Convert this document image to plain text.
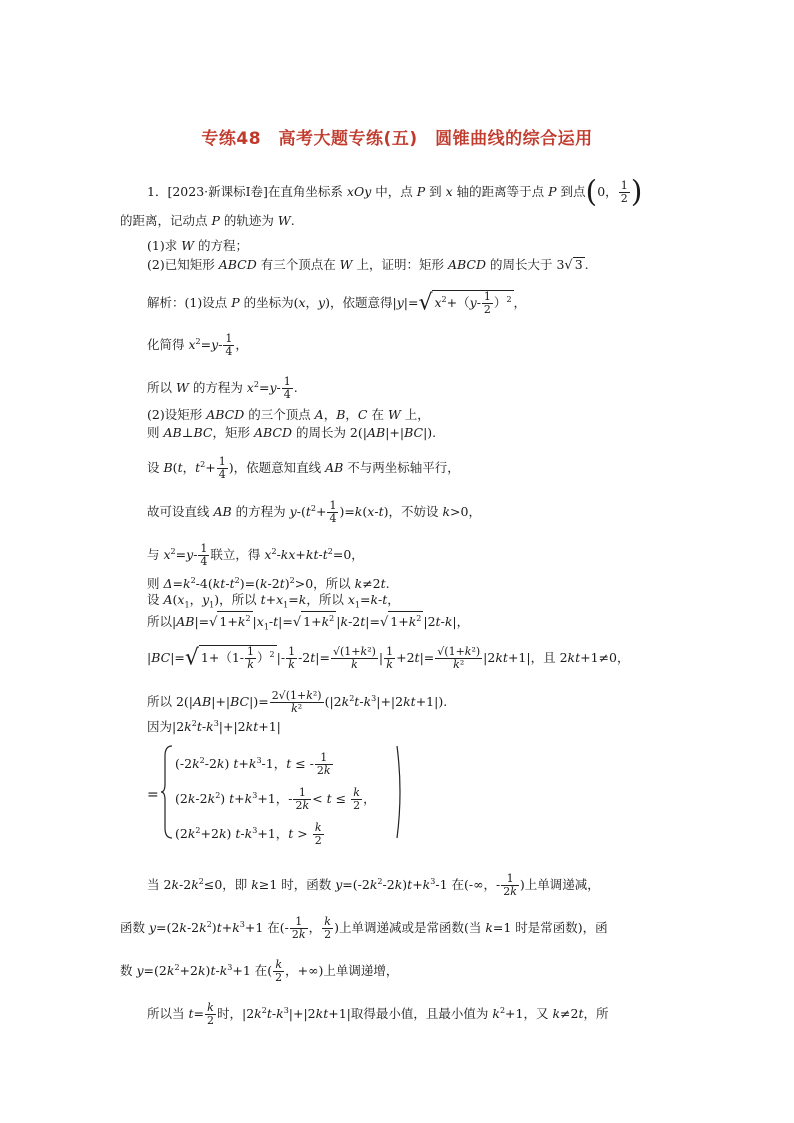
专练48　高考大题专练(五)　圆锥曲线的综合运用
1．[2023·新课标Ⅰ卷]在直角坐标系 xOy 中，点 P 到 x 轴的距离等于点 P 到点(0， $\frac{1}{2}$ )
的距离，记动点 P 的轨迹为 W.
(1)求 W 的方程；
(2)已知矩形 ABCD 有三个顶点在 W 上，证明：矩形 ABCD 的周长大于 3√ 3 .
解析：(1)设点 P 的坐标为(x，y)，依题意得|y|=√ $x^2+(y- \frac{1}{2} )^2$ ，
化简得 $x^2=y- \frac{1}{4}$ ，
所以 W 的方程为 $x^2=y- \frac{1}{4}$ .
(2)设矩形 ABCD 的三个顶点 A，B，C 在 W 上，
则 AB⊥BC，矩形 ABCD 的周长为 2(|AB|+|BC|).
设 B(t，$t^2+ \frac{1}{4}$ )，依题意知直线 AB 不与两坐标轴平行，
故可设直线 AB 的方程为 $y-(t^2+ \frac{1}{4} )=k(x-t)$，不妨设 k>0，
与 $x^2=y- \frac{1}{4}$ 联立，得 $x^2-kx+kt-t^2=0$，
则 $\Delta=k^2-4(kt-t^2)=(k-2t)^2>0$，所以 k≠2t.
设 $A(x_1$，$y_1$)，所以 $t+x_1=k$，所以 $x_1=k-t$，
所以|AB|=√ $1+k^2$ $|x_1-t|=√$ $1+k^2$ |k-2t|=√ $1+k^2$ |2t-k|，
|BC|=√ $1+(1- \frac{1}{k} )^2$ |- $\frac{1}{k} -2t|= \frac{\text{√(1+k²)}}{k}$ | $\frac{1}{k} +2t|= \frac{\text{√(1+k²)}}{\text{k²}} |2kt+1|$，且 2kt+1≠0，
所以 $2(|AB|+|BC|)= \frac{\text{2√(1+k²)}}{\text{k²}} (|2k^2t-k^3|+|2kt+1|)$.
因为$|2k^2t-k^3|+|2kt+1|$
=
$(-2k^2-2k)$ $t+k^3-1$，t ≤ - $\frac{1}{2k}$
$(2k-2k^2)$ $t+k^3+1$，- $\frac{1}{2k} < t \le \frac{k}{2}$ ，
$(2k^2+2k)$ $t-k^3+1$，$t > \frac{k}{2}$
当 $2k-2k^2\le 0$，即 k≥1 时，函数 $y=(-2k^2-2k)t+k^3-1$ 在(-∞，- $\frac{1}{2k}$ )上单调递减，
函数 $y=(2k-2k^2)t+k^3+1$ 在(- $\frac{1}{2k}$ ， $\frac{k}{2}$ )上单调递减或是常函数(当 k=1 时是常函数)，函
数 $y=(2k^2+2k)t-k^3+1$ 在( $\frac{k}{2}$ ，+∞)上单调递增，
所以当 $t= \frac{k}{2}$ 时，$|2k^2t-k^3|+|2kt+1|$取得最小值，且最小值为 $k^2+1$，又 k≠2t，所
